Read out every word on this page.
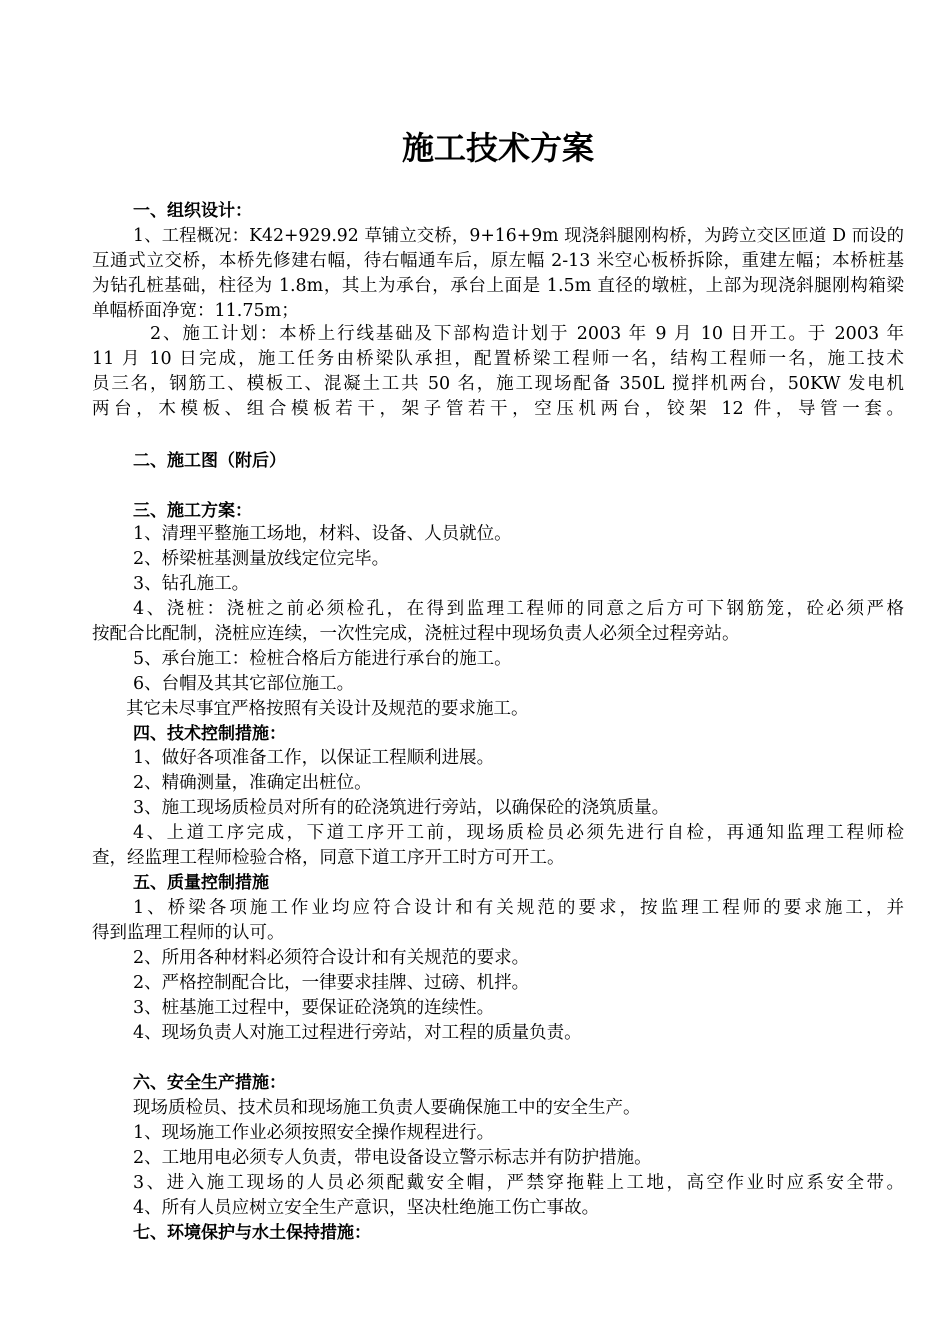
施工技术方案
一、组织设计：
1、工程概况：K42+929.92 草铺立交桥，9+16+9m 现浇斜腿刚构桥，为跨立交区匝道 D 而设的
互通式立交桥，本桥先修建右幅，待右幅通车后，原左幅 2-13 米空心板桥拆除，重建左幅；本桥桩基
为钻孔桩基础，柱径为 1.8m，其上为承台，承台上面是 1.5m 直径的墩桩，上部为现浇斜腿刚构箱梁
单幅桥面净宽：11.75m；
2、施工计划：本桥上行线基础及下部构造计划于 2003 年 9 月 10 日开工。于 2003 年
11 月 10 日完成，施工任务由桥梁队承担，配置桥梁工程师一名，结构工程师一名，施工技术
员三名，钢筋工、模板工、混凝土工共 50 名，施工现场配备 350L 搅拌机两台，50KW 发电机
两台，木模板、组合模板若干，架子管若干，空压机两台，铰架 12 件，导管一套。
二、施工图（附后）
三、施工方案：
1、清理平整施工场地，材料、设备、人员就位。
2、桥梁桩基测量放线定位完毕。
3、钻孔施工。
4、浇桩：浇桩之前必须检孔，在得到监理工程师的同意之后方可下钢筋笼，砼必须严格
按配合比配制，浇桩应连续，一次性完成，浇桩过程中现场负责人必须全过程旁站。
5、承台施工：检桩合格后方能进行承台的施工。
6、台帽及其其它部位施工。
其它未尽事宜严格按照有关设计及规范的要求施工。
四、技术控制措施：
1、做好各项准备工作，以保证工程顺利进展。
2、精确测量，准确定出桩位。
3、施工现场质检员对所有的砼浇筑进行旁站，以确保砼的浇筑质量。
4、上道工序完成，下道工序开工前，现场质检员必须先进行自检，再通知监理工程师检
查，经监理工程师检验合格，同意下道工序开工时方可开工。
五、质量控制措施
1、桥梁各项施工作业均应符合设计和有关规范的要求，按监理工程师的要求施工，并
得到监理工程师的认可。
2、所用各种材料必须符合设计和有关规范的要求。
2、严格控制配合比，一律要求挂牌、过磅、机拌。
3、桩基施工过程中，要保证砼浇筑的连续性。
4、现场负责人对施工过程进行旁站，对工程的质量负责。
六、安全生产措施：
现场质检员、技术员和现场施工负责人要确保施工中的安全生产。
1、现场施工作业必须按照安全操作规程进行。
2、工地用电必须专人负责，带电设备设立警示标志并有防护措施。
3、进入施工现场的人员必须配戴安全帽，严禁穿拖鞋上工地，高空作业时应系安全带。
4、所有人员应树立安全生产意识，坚决杜绝施工伤亡事故。
七、环境保护与水土保持措施：
